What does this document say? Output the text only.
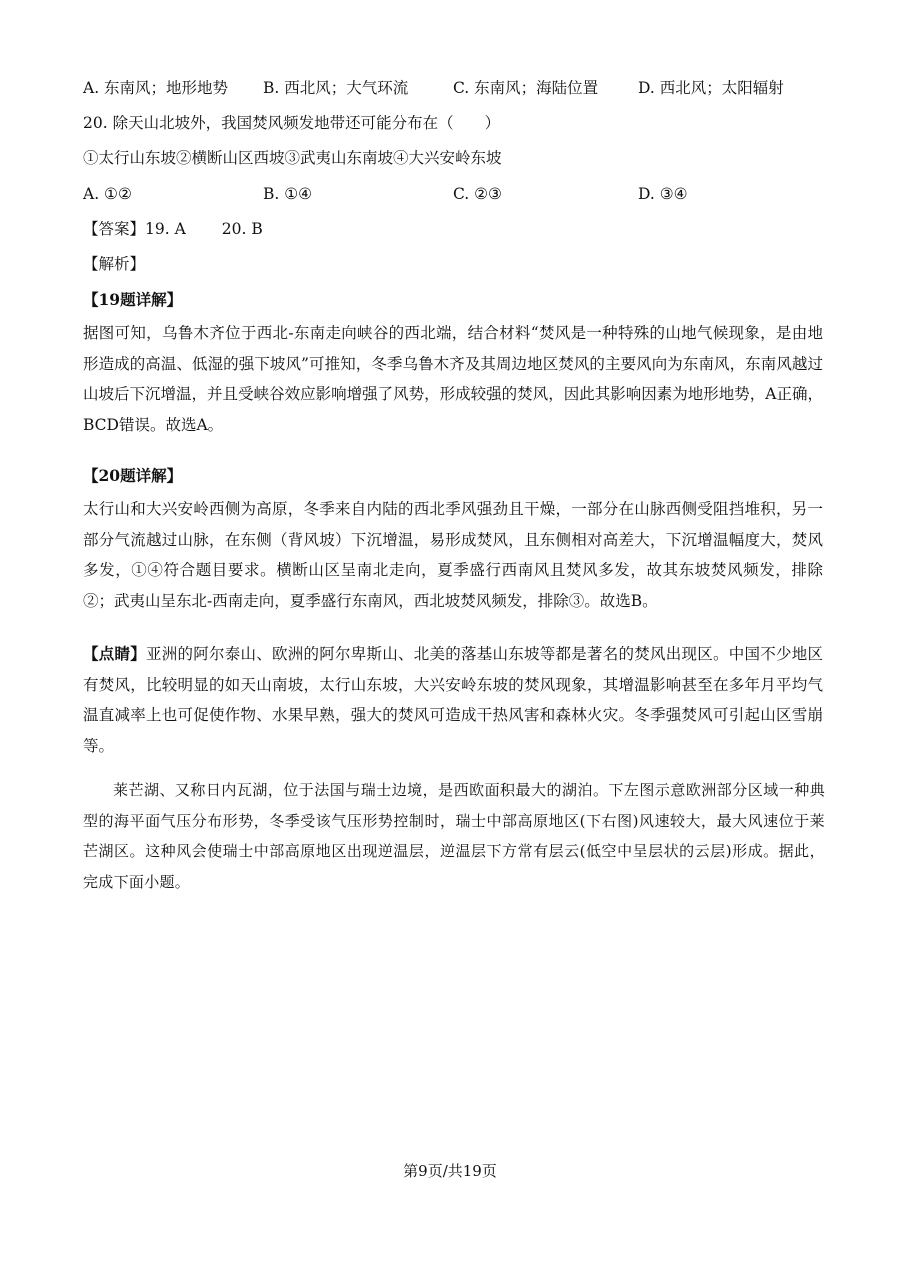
A. 东南风；地形地势	B. 西北风；大气环流	C. 东南风；海陆位置	D. 西北风；太阳辐射
20. 除天山北坡外，我国焚风频发地带还可能分布在（　　）
①太行山东坡②横断山区西坡③武夷山东南坡④大兴安岭东坡
A. ①②	B. ①④	C. ②③	D. ③④
【答案】19. A 20. B
【解析】
【19题详解】
据图可知，乌鲁木齐位于西北-东南走向峡谷的西北端，结合材料“焚风是一种特殊的山地气候现象，是由地形造成的高温、低湿的强下坡风”可推知，冬季乌鲁木齐及其周边地区焚风的主要风向为东南风，东南风越过山坡后下沉增温，并且受峡谷效应影响增强了风势，形成较强的焚风，因此其影响因素为地形地势，A正确，BCD错误。故选A。
【20题详解】
太行山和大兴安岭西侧为高原，冬季来自内陆的西北季风强劲且干燥，一部分在山脉西侧受阻挡堆积，另一部分气流越过山脉，在东侧（背风坡）下沉增温，易形成焚风，且东侧相对高差大，下沉增温幅度大，焚风多发，①④符合题目要求。横断山区呈南北走向，夏季盛行西南风且焚风多发，故其东坡焚风频发，排除②；武夷山呈东北-西南走向，夏季盛行东南风，西北坡焚风频发，排除③。故选B。
【点睛】亚洲的阿尔泰山、欧洲的阿尔卑斯山、北美的落基山东坡等都是著名的焚风出现区。中国不少地区有焚风，比较明显的如天山南坡，太行山东坡，大兴安岭东坡的焚风现象，其增温影响甚至在多年月平均气温直减率上也可促使作物、水果早熟，强大的焚风可造成干热风害和森林火灾。冬季强焚风可引起山区雪崩等。
莱芒湖、又称日内瓦湖，位于法国与瑞士边境，是西欧面积最大的湖泊。下左图示意欧洲部分区域一种典型的海平面气压分布形势，冬季受该气压形势控制时，瑞士中部高原地区(下右图)风速较大，最大风速位于莱芒湖区。这种风会使瑞士中部高原地区出现逆温层，逆温层下方常有层云(低空中呈层状的云层)形成。据此，完成下面小题。
第9页/共19页
